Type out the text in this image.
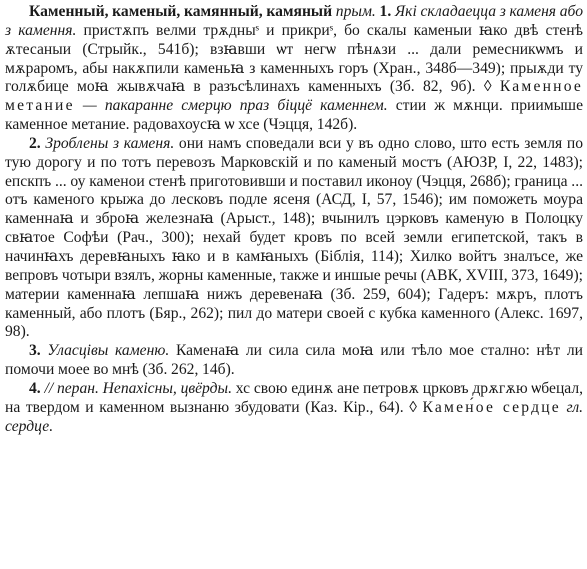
Каменный, каменый, камянный, камяный прым. 1. Які складаецца з каменя або з камення. пристѫпъ велми трѫдныˢ и прикриˢ, бо скалы каменыи ꙗко двѣ стенѣ ѫтесаныи (Стрыйк., 541б); взꙗвши ѡт негѡ пѣнѧзи ... дали ремесникѡмъ и мѫраромъ, абы накѫпили каменьꙗ з каменныхъ горъ (Хран., 348б—349); прыѫди ту голѫбице моꙗ жывѫчаꙗ в разъсѣлинахъ каменныхъ (Зб. 82, 9б). ◊ Каменное метание — пакаранне смерцю праз біццё каменнем. стии ж мѫнци. приимыше каменное метание. радовахоусꙗ ѡ хсе (Чэцця, 142б).
2. Зроблены з каменя. они намъ споведали вси у въ одно слово, што есть земля по тую дорогу и по тотъ перевозъ Марковскій и по каменый мостъ (АЮЗР, I, 22, 1483); епскпъ ... оу каменои стенѣ приготовивши и поставил иконоу (Чэцця, 268б); граница ... отъ каменого крыжа до лесковъ подле ясеня (АСД, I, 57, 1546); им поможеть моура каменнаꙗ и зброꙗ железнаꙗ (Арыст., 148); вчынилъ цэрковъ каменую в Полоцку свꙗтое Софѣи (Рач., 300); нехай будет кровъ по всей земли египетской, такъ в начинꙗхъ деревꙗныхъ ꙗко и в камꙗныхъ (Біблія, 114); Хилко войтъ зналъсе, же вепровъ чотыри взялъ, жорны каменные, также и иншые речы (АВК, XVIII, 373, 1649); материи каменнаꙗ лепшаꙗ нижъ деревенаꙗ (Зб. 259, 604); Гадеръ: мѫръ, плотъ каменный, або плотъ (Бяр., 262); пил до матери своей с кубка каменного (Алекс. 1697, 98).
3. Уласцівы каменю. Каменаꙗ ли сила сила моꙗ или тѣло мое стално: нѣт ли помочи моее во мнѣ (Зб. 262, 14б).
4. // перан. Непахісны, цвёрды. хс свою единѫ ане петровѫ црковъ дрѫгѫю ѡбецал, на твердом и каменном вызнаню збудовати (Каз. Кір., 64). ◊ Камен́ое сердце гл. сердце.
